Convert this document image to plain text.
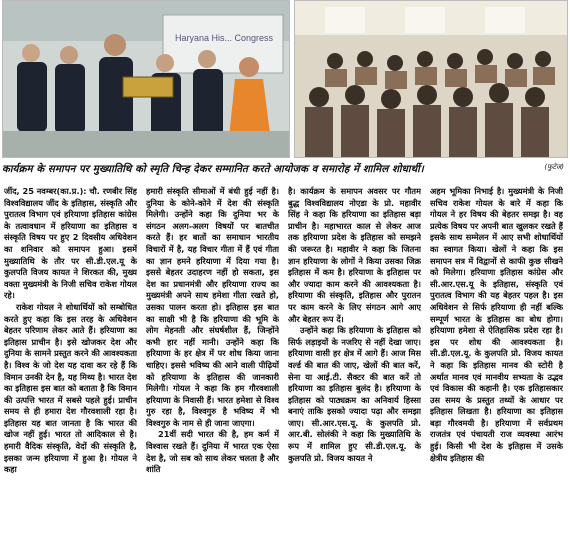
Haryana His... Congress
कार्यक्रम के समापन पर मुख्यातिथि को स्मृति चिन्ह देकर सम्मानित करते आयोजक व समारोह में शामिल शोधार्थी।	(फुटेज)

जींद, 25 नवम्बर(का.प्र.): चौ. रणबीर सिंह विश्वविद्यालय जींद के इतिहास, संस्कृति और पुरातत्व विभाग एवं हरियाणा इतिहास कांग्रेस के तत्वावधान में हरियाणा का इतिहास व संस्कृति विषय पर हुए 2 दिवसीय अधिवेशन का शनिवार को समापन हुआ। इसमें मुख्यातिथि के तौर पर सी.डी.एल.यू के कुलपति विजय कायत ने शिरकत की, मुख्य वक्ता मुख्यमंत्री के निजी सचिव राकेश गोयल रहे।

राकेश गोयल ने शोधार्थियों को सम्बोधित करते हुए कहा कि इस तरह के अधिवेशन बेहतर परिणाम लेकर आते हैं। हरियाणा का इतिहास प्राचीन है। इसे खोजकर देश और दुनिया के सामने प्रस्तुत करने की आवश्यकता है। विश्व के जो देश यह दावा कर रहे हैं कि विमान उनकी देन है, यह मिथ्य है। भारत देश का इतिहास इस बात को बताता है कि विमान की उत्पत्ति भारत में सबसे पहले हुई। प्राचीन समय से ही हमारा देश गौरवशाली रहा है। इतिहास यह बात जानता है कि भारत की खोज नहीं हुई। भारत तो आदिकाल से है। हमारी वैदिक संस्कृति, वेदों की संस्कृति है, इसका जन्म हरियाणा में हुआ है। गोयल ने कहा

हमारी संस्कृति सीमाओं में बंधी हुई नहीं है। दुनिया के कोने-कोने में देश की संस्कृति मिलेगी। उन्होंने कहा कि दुनिया भर के संगठन अलग-अलग विषयों पर बातचीत करते हैं। हर बातों का समाधान भारतीय विचारों में है, यह विचार गीता में हैं एवं गीता का ज्ञान हमने हरियाणा में दिया गया है। इससे बेहतर उदाहरण नहीं हो सकता, इस देश का प्रधानमंत्री और हरियाणा राज्य का मुख्यमंत्री अपने साथ हमेशा गीता रखते हो, उसका पालन करता हो। इतिहास इस बात का साक्षी भी है कि हरियाणा की भूमि के लोग मेहनती और संघर्षशील हैं, जिन्होंने कभी हार नहीं मानी। उन्होंने कहा कि हरियाणा के हर क्षेत्र में पर शोध किया जाना चाहिए। इससे भविष्य की आने वाली पीढ़ियों को हरियाणा के इतिहास की जानकारी मिलेगी। गोयल ने कहा कि हम गौरवशाली हरियाणा के निवासी हैं। भारत हमेशा से विश्व गुरु रहा है, विश्वगुरु है भविष्य में भी विश्वगुरु के नाम से ही जाना जाएगा।

21वीं सदी भारत की है, हम कर्म में विश्वास रखते हैं। दुनिया में भारत एक ऐसा देश है, जो सब को साथ लेकर चलता है और शांति

है। कार्यक्रम के समापन अवसर पर गौतम बुद्ध विश्वविद्यालय नोएडा के प्रो. महावीर सिंह ने कहा कि हरियाणा का इतिहास बड़ा प्राचीन है। महाभारत काल से लेकर आज तक हरियाणा प्रदेश के इतिहास को समझने की जरूरत है। महावीर ने कहा कि जितना ज्ञान हरियाणा के लोगों ने किया उसका जिक्र इतिहास में कम है। हरियाणा के इतिहास पर और ज्यादा काम करने की आवश्यकता है। हरियाणा की संस्कृति, इतिहास और पुरातन पर काम करने के लिए संगठन आगे आए और बेहतर रूप दें।

उन्होंने कहा कि हरियाणा के इतिहास को सिर्फ लड़ाइयों के नजरिए से नहीं देखा जाए। हरियाणा वासी हर क्षेत्र में आगे हैं। आज मिस वर्ल्ड की बात की जाए, खेलों की बात करें, सेना या आई.टी. सैक्टर की बात करें तो हरियाणा का इतिहास बुलंद है। हरियाणा के इतिहास को पाठ्यक्रम का अनिवार्य हिस्सा बनाएं ताकि इसको ज्यादा पढ़ा और समझा जाए। सी.आर.एस.यू. के कुलपति प्रो. आर.बी. सोलंकी ने कहा कि मुख्यातिथि के रूप में शामिल हुए सी.डी.एल.यू. के कुलपति प्रो. विजय कायत ने

अहम भूमिका निभाई है। मुख्यमंत्री के निजी सचिव राकेश गोयल के बारे में कहा कि गोयल ने हर विषय की बेहतर समझ है। वह प्रत्येक विषय पर अपनी बात खुलकर रखते हैं इसके साथ सम्मेलन में आए सभी शोधार्थियों का स्वागत किया। खेलों ने कहा कि इस समापन सत्र में विद्वानों से काफी कुछ सीखने को मिलेगा। हरियाणा इतिहास कांग्रेस और सी.आर.एस.यू के इतिहास, संस्कृति एवं पुरातत्व विभाग की यह बेहतर पहल है। इस अधिवेशन से सिर्फ हरियाणा ही नहीं बल्कि सम्पूर्ण भारत के इतिहास का बोध होगा। हरियाणा हमेशा से ऐतिहासिक प्रदेश रहा है। इस पर शोध की आवश्यकता है। सी.डी.एल.यू. के कुलपति प्रो. विजय कायत ने कहा कि इतिहास मानव की स्टोरी है अर्थात मानव एवं मानवीय सभ्यता के उद्भव एवं विकास की कहानी है। एक इतिहासकार उस समय के प्रस्तुत तथ्यों के आधार पर इतिहास लिखता है। हरियाणा का इतिहास बड़ा गौरवमयी है। हरियाणा में सर्वप्रथम राजतंत्र एवं पंचायती राज व्यवस्था आरंभ हुई। किसी भी देश के इतिहास में उसके क्षेत्रीय इतिहास की
